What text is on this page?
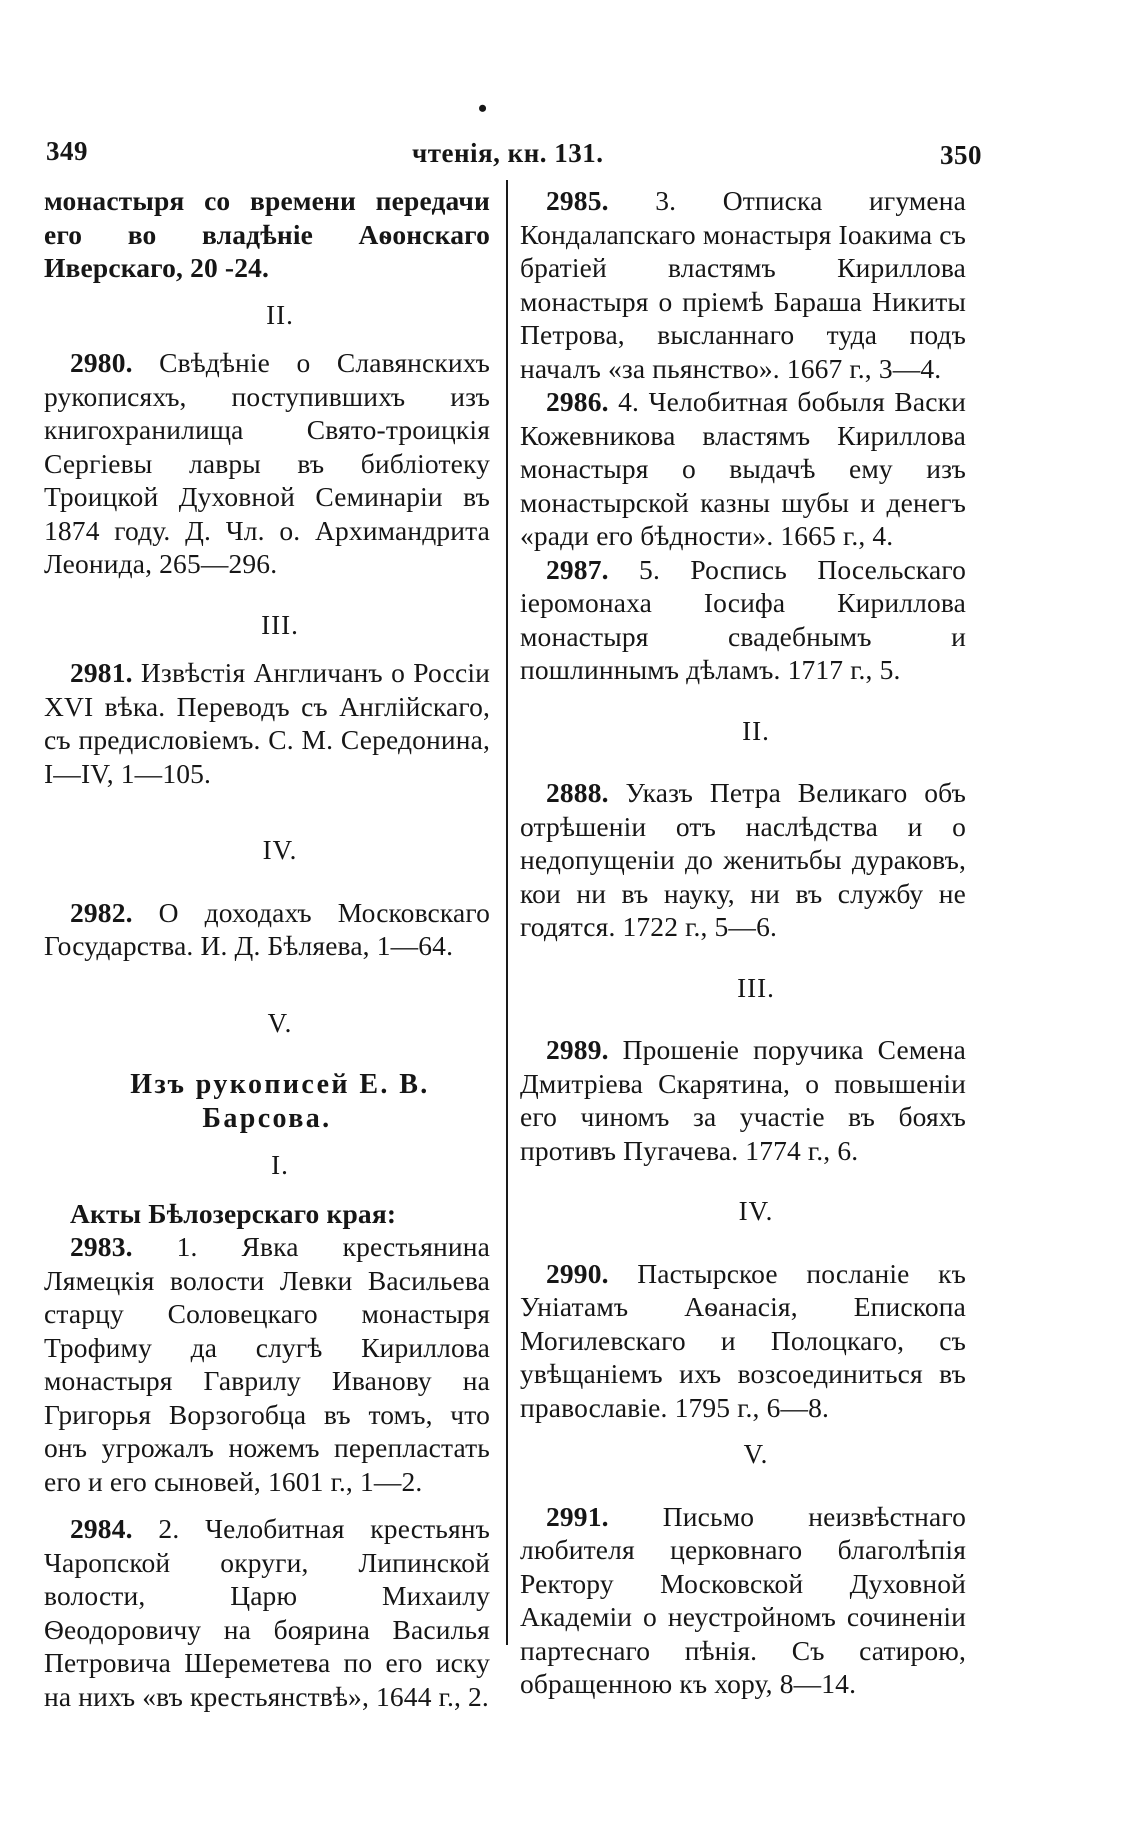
•
349	чтенія, кн. 131.	350

монастыря со времени передачи его во владѣніе Аѳонскаго Иверскаго, 20 -24.

II.

2980. Свѣдѣніе о Славянскихъ рукописяхъ, поступившихъ изъ книгохранилища Свято-троицкія Сергіевы лавры въ библіотеку Троицкой Духовной Семинаріи въ 1874 году. Д. Чл. о. Архимандрита Леонида, 265—296.

III.

2981. Извѣстія Англичанъ о Россіи XVI вѣка. Переводъ съ Англійскаго, съ предисловіемъ. С. М. Середонина, I—IV, 1—105.

IV.

2982. О доходахъ Московскаго Государства. И. Д. Бѣляева, 1—64.

V.

Изъ рукописей Е. В. Барсова.

I.

Акты Бѣлозерскаго края:

2983. 1. Явка крестьянина Лямецкія волости Левки Васильева старцу Соловецкаго монастыря Трофиму да слугѣ Кириллова монастыря Гаврилу Иванову на Григорья Ворзогобца въ томъ, что онъ угрожалъ ножемъ перепластать его и его сыновей, 1601 г., 1—2.

2984. 2. Челобитная крестьянъ Чаропской округи, Липинской волости, Царю Михаилу Ѳеодоровичу на боярина Василья Петровича Шереметева по его иску на нихъ «въ крестьянствѣ», 1644 г., 2.

2985. 3. Отписка игумена Кондалапскаго монастыря Іоакима съ братіей властямъ Кириллова монастыря о пріемѣ Бараша Никиты Петрова, высланнаго туда подъ началъ «за пьянство». 1667 г., 3—4.

2986. 4. Челобитная бобыля Васки Кожевникова властямъ Кириллова монастыря о выдачѣ ему изъ монастырской казны шубы и денегъ «ради его бѣдности». 1665 г., 4.

2987. 5. Роспись Посельскаго іеромонаха Іосифа Кириллова монастыря свадебнымъ и пошлиннымъ дѣламъ. 1717 г., 5.

II.

2888. Указъ Петра Великаго объ отрѣшеніи отъ наслѣдства и о недопущеніи до женитьбы дураковъ, кои ни въ науку, ни въ службу не годятся. 1722 г., 5—6.

III.

2989. Прошеніе поручика Семена Дмитріева Скарятина, о повышеніи его чиномъ за участіе въ бояхъ противъ Пугачева. 1774 г., 6.

IV.

2990. Пастырское посланіе къ Уніатамъ Аѳанасія, Епископа Могилевскаго и Полоцкаго, съ увѣщаніемъ ихъ возсоединиться въ православіе. 1795 г., 6—8.

V.

2991. Письмо неизвѣстнаго любителя церковнаго благолѣпія Ректору Московской Духовной Академіи о неустройномъ сочиненіи партеснаго пѣнія. Съ сатирою, обращенною къ хору, 8—14.
